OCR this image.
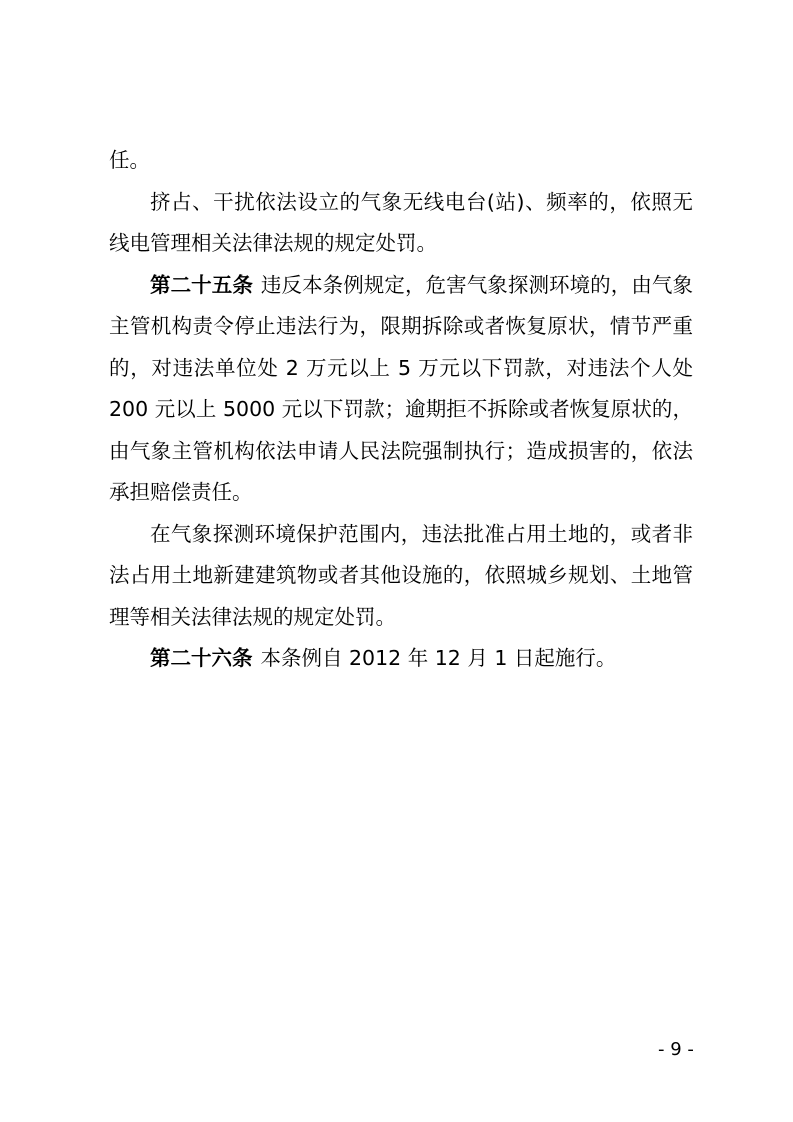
任。

挤占、干扰依法设立的气象无线电台(站)、频率的，依照无线电管理相关法律法规的规定处罚。

第二十五条 违反本条例规定，危害气象探测环境的，由气象主管机构责令停止违法行为，限期拆除或者恢复原状，情节严重的，对违法单位处 2 万元以上 5 万元以下罚款，对违法个人处 200 元以上 5000 元以下罚款；逾期拒不拆除或者恢复原状的，由气象主管机构依法申请人民法院强制执行；造成损害的，依法承担赔偿责任。

在气象探测环境保护范围内，违法批准占用土地的，或者非法占用土地新建建筑物或者其他设施的，依照城乡规划、土地管理等相关法律法规的规定处罚。

第二十六条 本条例自 2012 年 12 月 1 日起施行。

- 9 -
